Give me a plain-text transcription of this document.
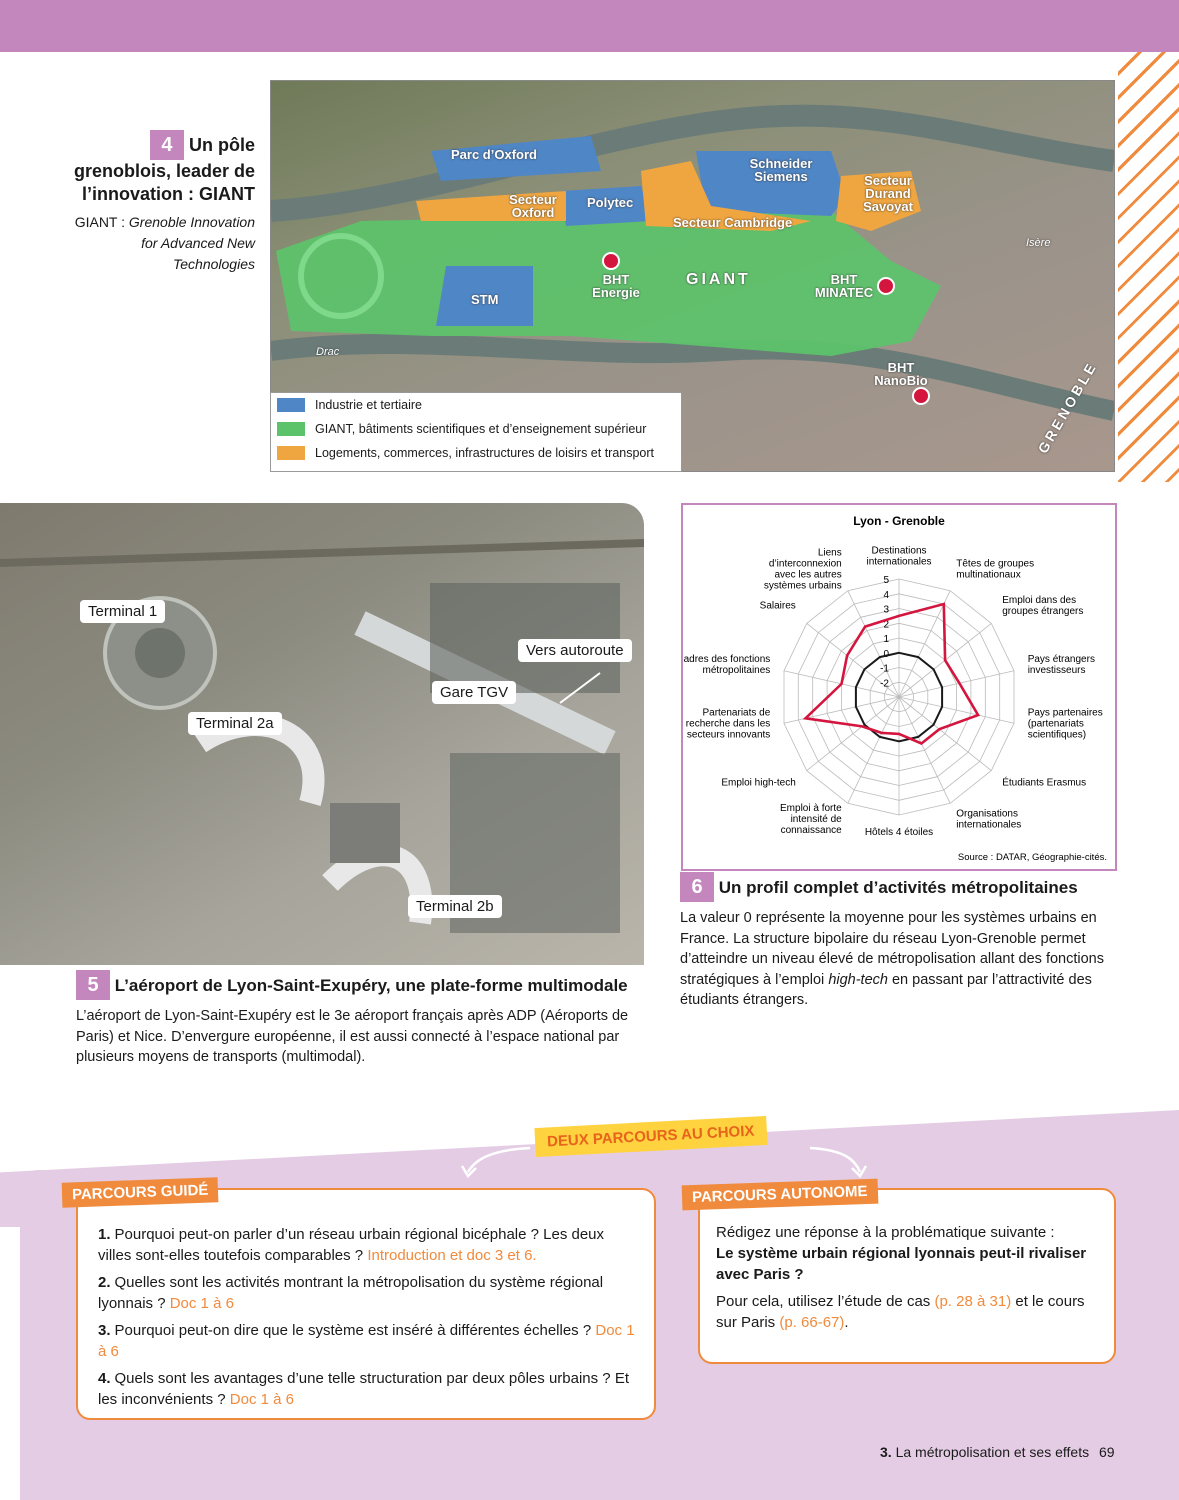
4 Un pôle grenoblois, leader de l’innovation : GIANT
GIANT : Grenoble Innovation for Advanced New Technologies
Parc d’Oxford
Schneider Siemens
Secteur Oxford
Polytec
Secteur Cambridge
Secteur Durand Savoyat
Isère
STM
BHT Energie
GIANT	BHT MINATEC
Drac
BHT NanoBio	GRENOBLE
Industrie et tertiaire
GIANT, bâtiments scientifiques et d’enseignement supérieur
Logements, commerces, infrastructures de loisirs et transport
Terminal 1
Terminal 2a
Gare TGV
Vers autoroute
Terminal 2b
5 L’aéroport de Lyon-Saint-Exupéry, une plate-forme multimodale
L’aéroport de Lyon-Saint-Exupéry est le 3e aéroport français après ADP (Aéroports de Paris) et Nice. D’envergure européenne, il est aussi connecté à l’espace national par plusieurs moyens de transports (multimodal).
Lyon - Grenoble
Source : DATAR, Géographie-cités.
Destinations internationales Têtes de groupes multinationaux
Emploi dans des groupes étrangers
Pays étrangers investisseurs
Pays partenaires (partenariats scientifiques)
Étudiants Erasmus
Organisations internationales
Hôtels 4 étoiles
Emploi à forte intensité de connaissance
Emploi high-tech
Partenariats de recherche dans les secteurs innovants
Cadres des fonctions métropolitaines
Salaires
Liens d’interconnexion avec les autres systèmes urbains
-2
-1
0
1
2
3
4
5
6 Un profil complet d’activités métropolitaines
La valeur 0 représente la moyenne pour les systèmes urbains en France. La structure bipolaire du réseau Lyon-Grenoble permet d’atteindre un niveau élevé de métropolisation allant des fonctions stratégiques à l’emploi high-tech en passant par l’attractivité des étudiants étrangers.
DEUX PARCOURS AU CHOIX
1. Pourquoi peut-on parler d’un réseau urbain régional bicéphale ? Les deux villes sont-elles toutefois comparables ? Introduction et doc 3 et 6.
2. Quelles sont les activités montrant la métropolisation du système régional lyonnais ? Doc 1 à 6
3. Pourquoi peut-on dire que le système est inséré à différentes échelles ? Doc 1 à 6
4. Quels sont les avantages d’une telle structuration par deux pôles urbains ? Et les inconvénients ? Doc 1 à 6
PARCOURS GUIDÉ
Rédigez une réponse à la problématique suivante :
Le système urbain régional lyonnais peut-il rivaliser avec Paris ?
Pour cela, utilisez l’étude de cas (p. 28 à 31) et le cours sur Paris (p. 66-67).
PARCOURS AUTONOME
3. La métropolisation et ses effets 69
